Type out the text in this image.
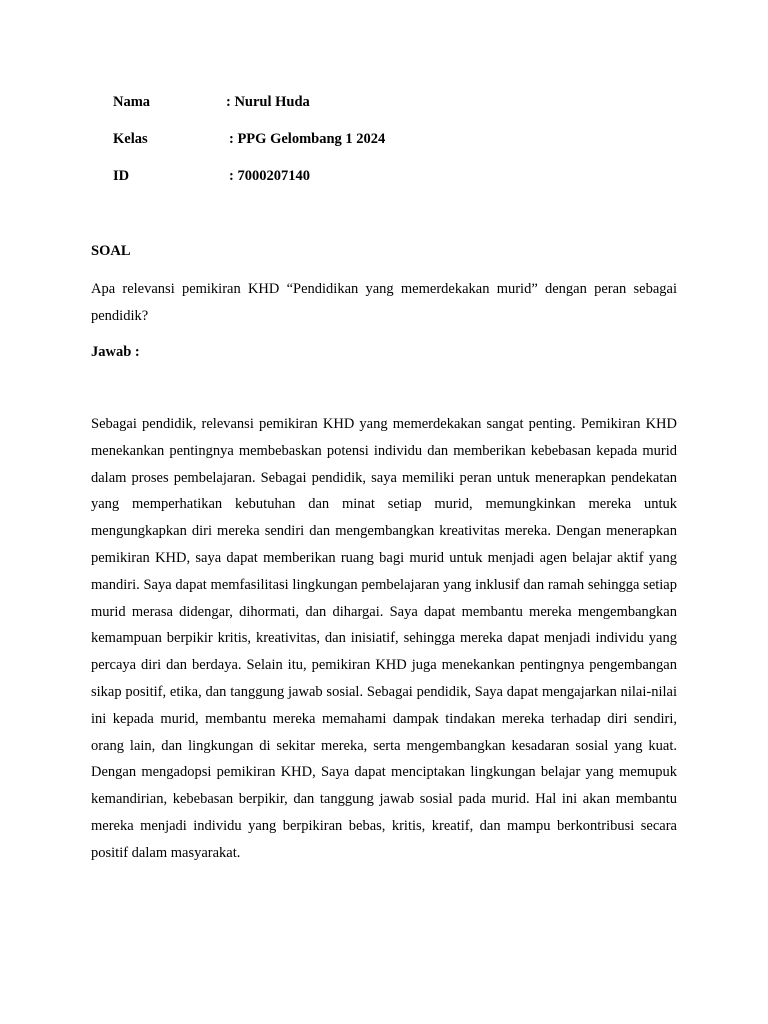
Nama	: Nurul Huda
Kelas	: PPG Gelombang 1 2024
ID	: 7000207140
SOAL
Apa relevansi pemikiran KHD “Pendidikan yang memerdekakan murid” dengan peran sebagai pendidik?
Jawab :
Sebagai pendidik, relevansi pemikiran KHD yang memerdekakan sangat penting. Pemikiran KHD menekankan pentingnya membebaskan potensi individu dan memberikan kebebasan kepada murid dalam proses pembelajaran. Sebagai pendidik, saya memiliki peran untuk menerapkan pendekatan yang memperhatikan kebutuhan dan minat setiap murid, memungkinkan mereka untuk mengungkapkan diri mereka sendiri dan mengembangkan kreativitas mereka. Dengan menerapkan pemikiran KHD, saya dapat memberikan ruang bagi murid untuk menjadi agen belajar aktif yang mandiri. Saya dapat memfasilitasi lingkungan pembelajaran yang inklusif dan ramah sehingga setiap murid merasa didengar, dihormati, dan dihargai. Saya dapat membantu mereka mengembangkan kemampuan berpikir kritis, kreativitas, dan inisiatif, sehingga mereka dapat menjadi individu yang percaya diri dan berdaya. Selain itu, pemikiran KHD juga menekankan pentingnya pengembangan sikap positif, etika, dan tanggung jawab sosial. Sebagai pendidik, Saya dapat mengajarkan nilai-nilai ini kepada murid, membantu mereka memahami dampak tindakan mereka terhadap diri sendiri, orang lain, dan lingkungan di sekitar mereka, serta mengembangkan kesadaran sosial yang kuat. Dengan mengadopsi pemikiran KHD, Saya dapat menciptakan lingkungan belajar yang memupuk kemandirian, kebebasan berpikir, dan tanggung jawab sosial pada murid. Hal ini akan membantu mereka menjadi individu yang berpikiran bebas, kritis, kreatif, dan mampu berkontribusi secara positif dalam masyarakat.
